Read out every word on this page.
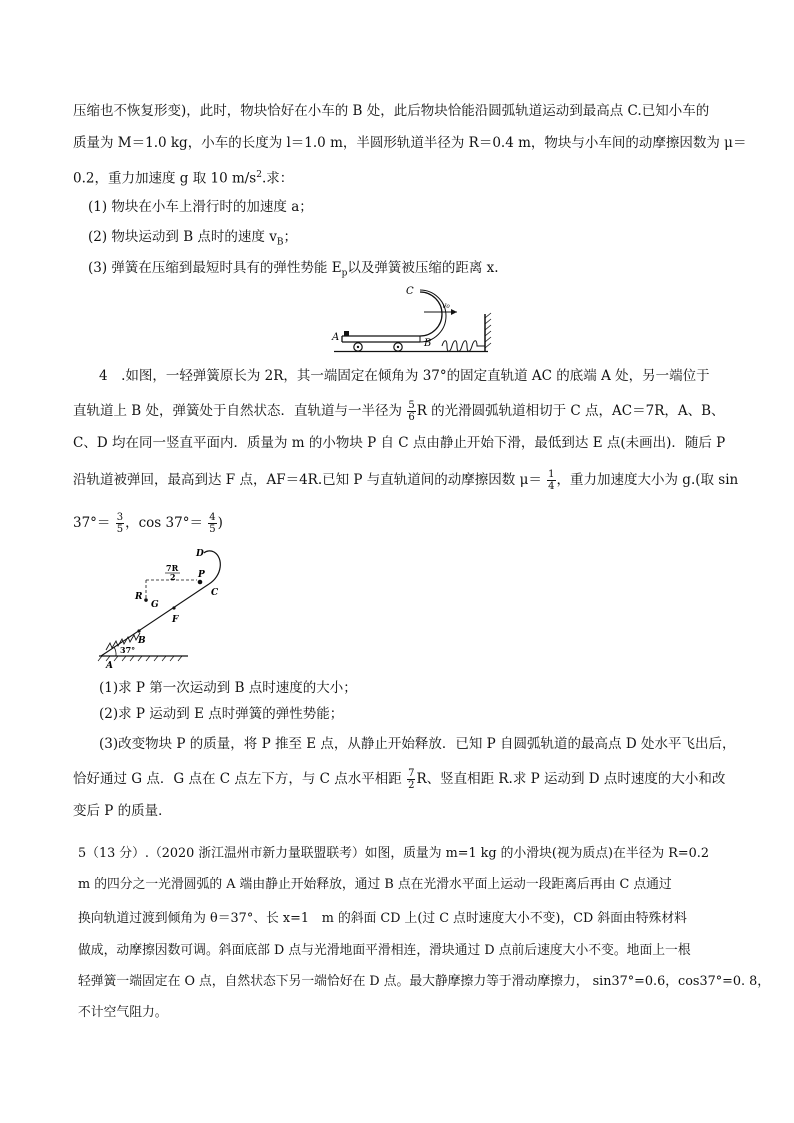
压缩也不恢复形变)，此时，物块恰好在小车的 B 处，此后物块恰能沿圆弧轨道运动到最高点 C.已知小车的
质量为 M＝1.0 kg，小车的长度为 l＝1.0 m，半圆形轨道半径为 R＝0.4 m，物块与小车间的动摩擦因数为 μ＝
0.2，重力加速度 g 取 10 $m/s^2$.求：
(1) 物块在小车上滑行时的加速度 a；
(2) 物块运动到 B 点时的速度 $v_B$；
(3) 弹簧在压缩到最短时具有的弹性势能 $E_p$以及弹簧被压缩的距离 x.
C
v₀
A
B
4　.如图，一轻弹簧原长为 2R，其一端固定在倾角为 37°的固定直轨道 AC 的底端 A 处，另一端位于
直轨道上 B 处，弹簧处于自然状态．直轨道与一半径为 $\frac{5}{6}$ R 的光滑圆弧轨道相切于 C 点，AC＝7R，A、B、
C、D 均在同一竖直平面内．质量为 m 的小物块 P 自 C 点由静止开始下滑，最低到达 E 点(未画出)．随后 P
沿轨道被弹回，最高到达 F 点，AF＝4R.已知 P 与直轨道间的动摩擦因数 $\mu= \frac{1}{4}$ ，重力加速度大小为 g.(取 sin
$37^\circ= \frac{3}{5}$ ，$\cos 37^\circ= \frac{4}{5}$ )
D
P
C
7R
2
R
G
F
B
37°
A
(1)求 P 第一次运动到 B 点时速度的大小；
(2)求 P 运动到 E 点时弹簧的弹性势能；
(3)改变物块 P 的质量，将 P 推至 E 点，从静止开始释放．已知 P 自圆弧轨道的最高点 D 处水平飞出后，
恰好通过 G 点．G 点在 C 点左下方，与 C 点水平相距 $\frac{7}{2}$ R、竖直相距 R.求 P 运动到 D 点时速度的大小和改
变后 P 的质量．
5（13 分）.（2020 浙江温州市新力量联盟联考）如图，质量为 m=1 kg 的小滑块(视为质点)在半径为 R=0.2
m 的四分之一光滑圆弧的 A 端由静止开始释放，通过 B 点在光滑水平面上运动一段距离后再由 C 点通过
换向轨道过渡到倾角为 θ＝37°、长 x=1　m 的斜面 CD 上(过 C 点时速度大小不变)，CD 斜面由特殊材料
做成，动摩擦因数可调。斜面底部 D 点与光滑地面平滑相连，滑块通过 D 点前后速度大小不变。地面上一根
轻弹簧一端固定在 O 点，自然状态下另一端恰好在 D 点。最大静摩擦力等于滑动摩擦力， sin37°=0.6，cos37°=0. 8，
不计空气阻力。
